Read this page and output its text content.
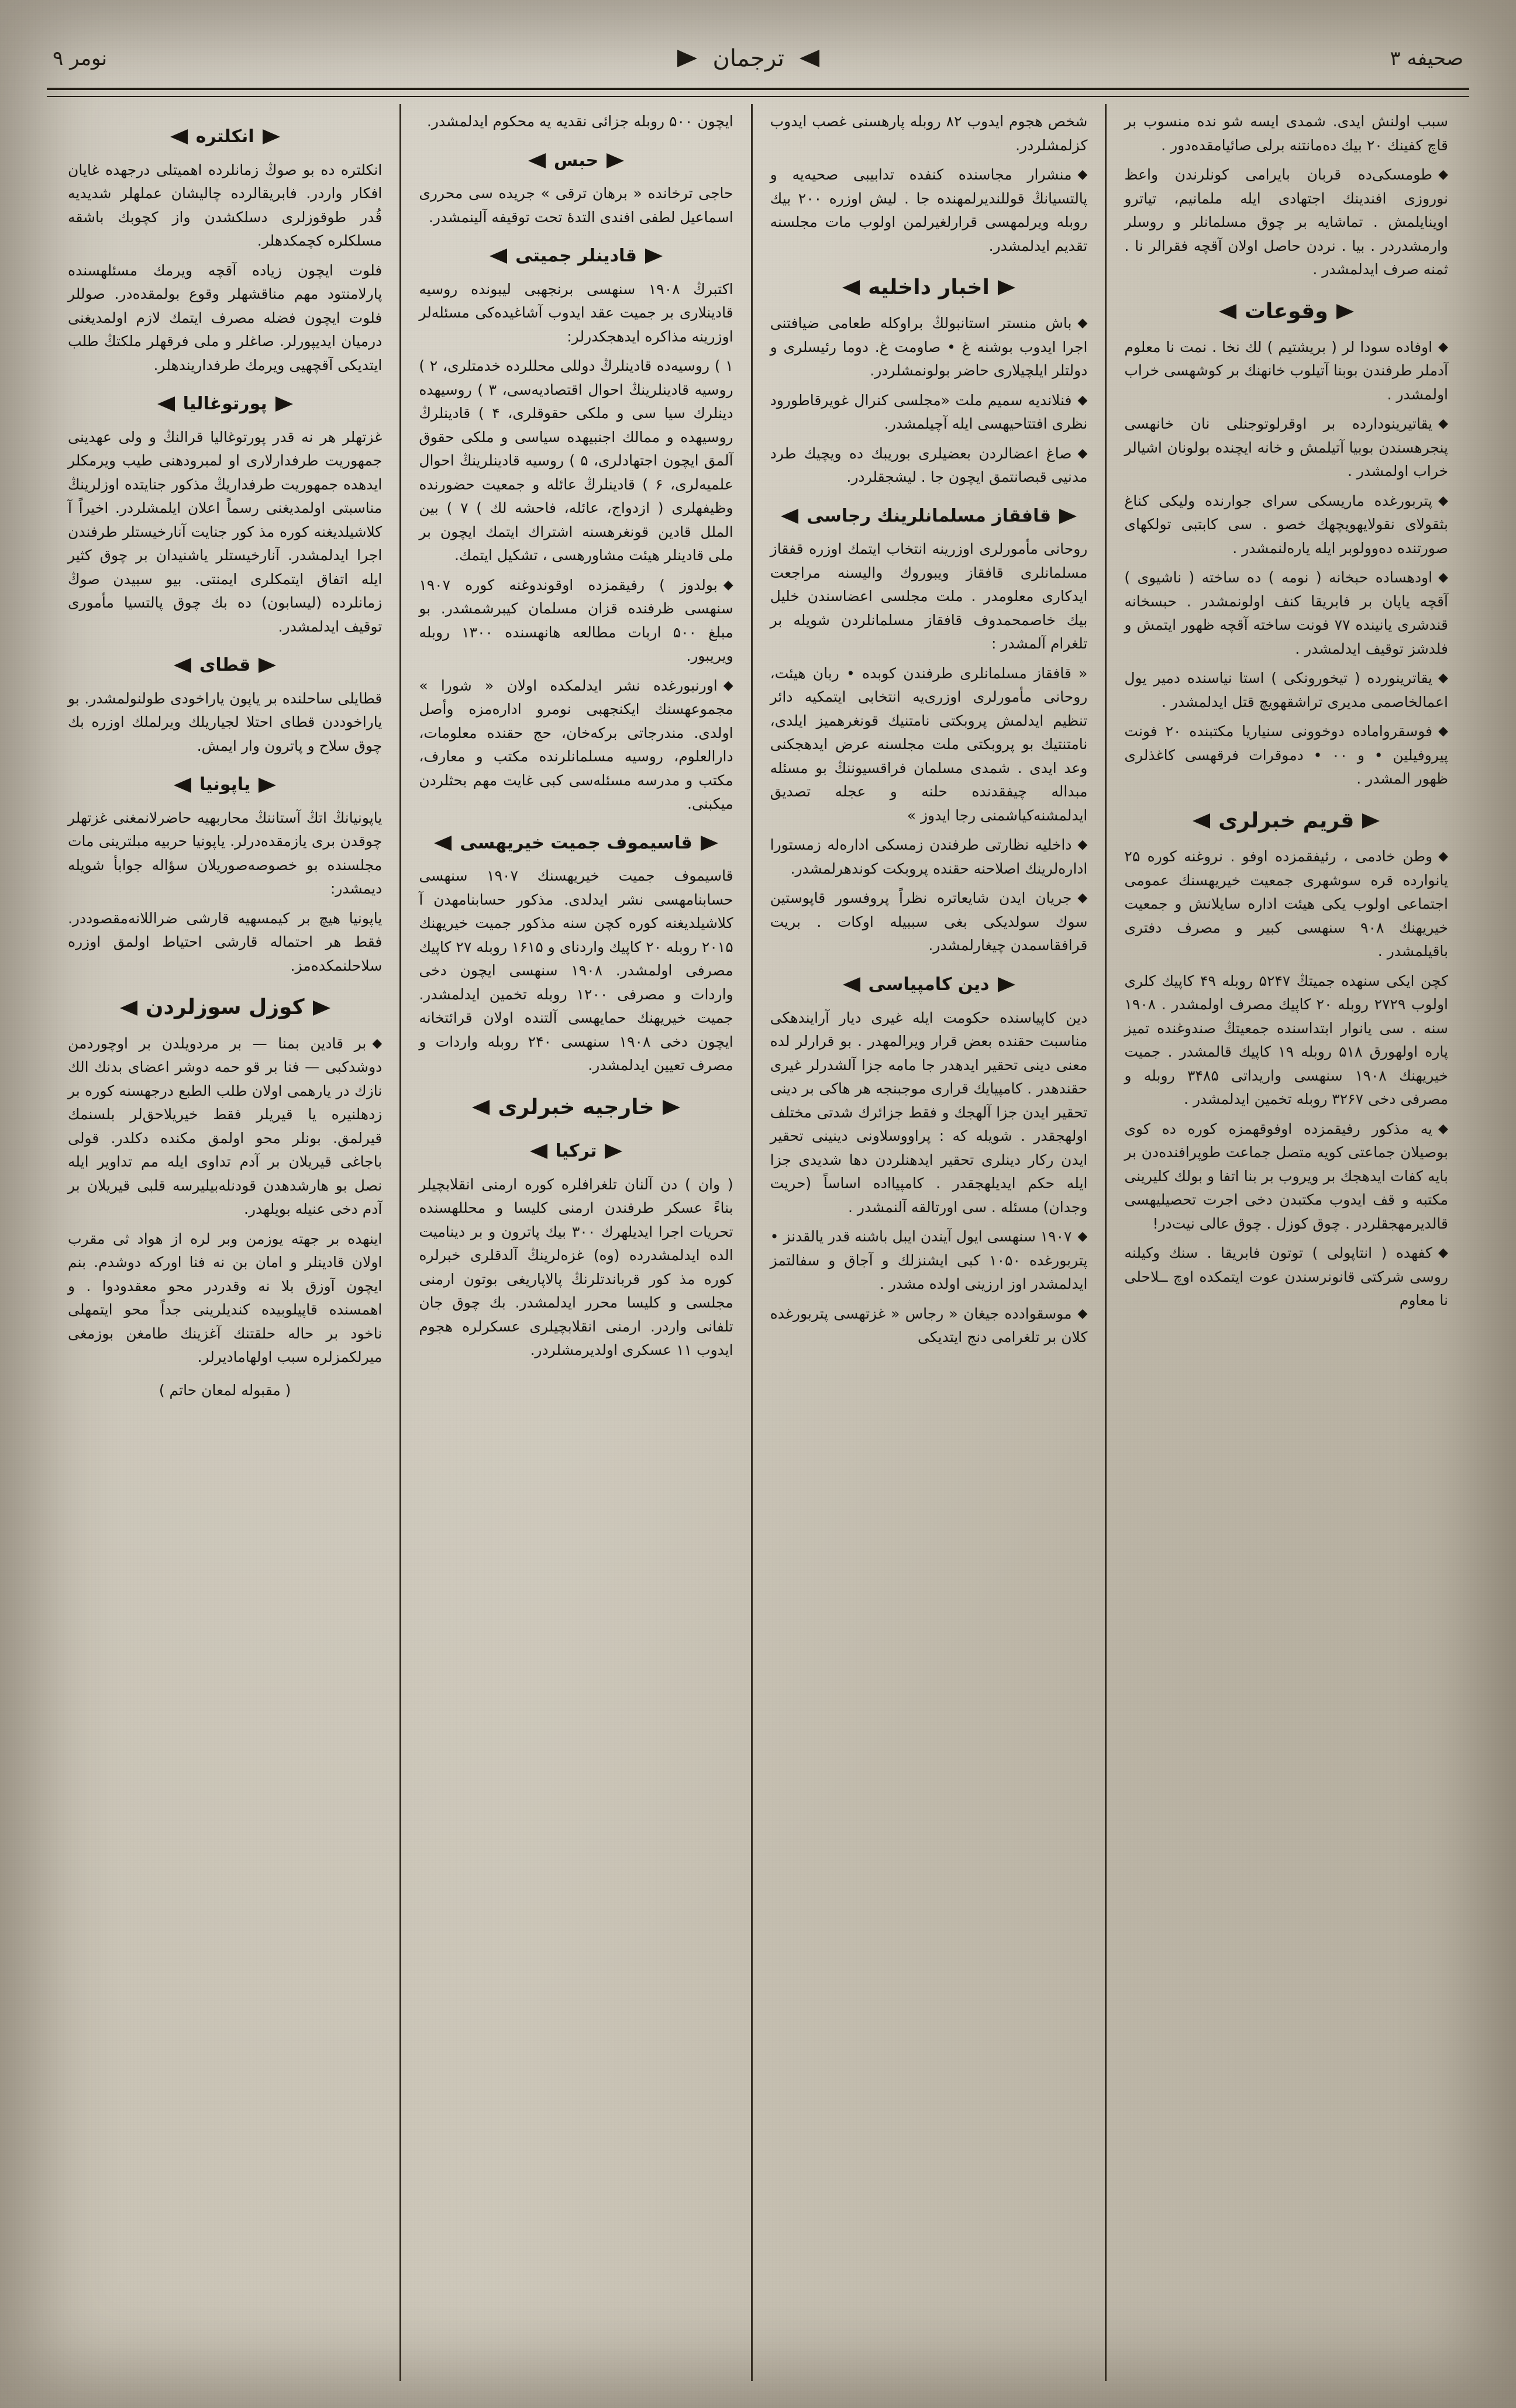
صحیفه ۳
ترجمان
نومر ۹

سبب اولنش ایدی. شمدی ایسه شو نده منسوب بر قاچ كفینك ۲۰ بیك دەمانتنه برلی صائیامقده‌دور .

◆طومسكی‌ده قربان بایرامی كونلرندن واعظ نوروزی افندینك اجتهادی ایله ملمانیم، تیاترو اوینایلمش . تماشایه بر چوق مسلمانلر و روسلر وارمشدردر . بیا . نردن حاصل اولان آقچه فقرالر نا . ثمنه صرف ایدلمشدر .

وقوعات

◆اوفاده سودا لر ( بریشتیم ) لك نخا . نمت نا معلوم آدملر طرفندن بوبنا آتیلوب خانهنك بر كوشهسی خراب اولمشدر .

◆یقاتیرینودارده بر اوقرلوتوجنلی نان خانهسی پنجرهسندن بوبیا آتیلمش و خانه ایچنده بولونان اشیالر خراب اولمشدر .

◆پتربورغده ماریسكی سرای جوارنده ولیكی كناغ بثقولای نقولایهویچهك خصو . سی كابتبی تولكهای صورتنده دەوولوبر ایله یاره‌لنمشدر .

◆اودهسادە حبخانه ( نومه ) ده ساخته ( ناشیوی ) آقچه یاپان بر فابریقا كنف اولونمشدر . حبسخانه قندشری یانینده ۷۷ فونت ساخته آقچه ظهور ایتمش و فلدشز توقیف ایدلمشدر .

◆یقاترینورده ( تیخورونكی ) استا نیاسنده دمیر یول اعمالخاصمی مدیری تراشقهویچ قتل ایدلمشدر .

◆فوسقرواماده دوخوونی سنیاریا مكتبنده ۲۰ فونت پیروفیلین • و ۰۰ • دموقرات فرقهسی كاغذلری ظهور المشدر .

قریم خبرلری

◆وطن خادمی ، رئیفقمزده اوفو . نروغنه كوره ۲۵ یانوارده قره سوشهری جمعیت خیریهسنك عمومی اجتماعی اولوب یكی هیئت اداره سایلانش و جمعیت خیریهنك ۹۰۸ سنهسی كبیر و مصرف دفتری باقیلمشدر .

كچن ایكی سنهده جمیتڭ ۵۲۴۷ روبله ۴۹ كاپیك كلری اولوب ۲۷۲۹ روبله ۲۰ كاپیك مصرف اولمشدر . ۱۹۰۸ سنه . سی یانوار ابتدا‌سنده جمعیتڭ صندوغنده تمیز پاره اولهورق ۵۱۸ روبله ۱۹ كاپیك قالمشدر . جمیت خیریهنك ۱۹۰۸ سنهسی واریداتی ۳۴۸۵ روبله و مصرفی دخی ۳۲۶۷ روبله تخمین ایدلمشدر .

◆یه مذكور رفیقمزده اوفوقهمزه كوره ده كوی بوصیلان جماعتی كویه متصل جماعت طوپرافنده‌دن بر بایه كفات ایدهجك بر ویروب بر بنا اتفا و بولك كلیرینی مكتبه و قف ایدوب مكتبدن دخی اجرت تحصیلیهسی قالدیرمهجقلردر . چوق كوزل . چوق عالی نیت‌در!

◆كفهده ( انتاپولی ) توتون فابریقا . سنك وكیلنه روسی شركتی قانونرسندن عوت ایتمكده اوچ ــلاحلی نا معاوم

شخص هجوم ایدوب ۸۲ روبله پارهسنی غصب ایدوب كزلمشلردر.

◆منشرار مجاسنده كنفده تدابیبی صحیه‌یه و پالتسیانڭ قوللندیرلمهنده جا . لیش اوزره ۲۰۰ بیك روبله ویرلمهسی قرارلغیرلمن اولوب مات مجلسنه تقدیم ایدلمشدر.

اخبار داخلیه

◆باش منستر استانبولڭ براوكله طعامی ضیافتنی اجرا ایدوب بوشنه غ • صاومت غ. دوما رئیسلری و دولتلر ایلچیلاری حاضر بولونمشلردر.

◆فنلاندیه سمیم ملت «مجلسی كنرال غویرقاطورود نظری افتتاحیهسی ایله آچیلمشدر.

◆صاغ اعضالردن بعضیلری بوریبك ده ویچیك طرد مدنیی قبصانتمق ایچون جا . لیشجقلردر.

قافقاز مسلمانلرینك رجاسی

روحانی مأمورلری اوزرینه انتخاب ایتمك اوزره قفقاز مسلمانلری قافقاز ویبوروك والیسنه مراجعت ایدكاری معلومدر . ملت مجلسی اعضاسندن خلیل بیك خاصمحمدوف قافقاز مسلمانلردن شویله بر تلغرام آلمشدر :

« قافقاز مسلمانلری طرفندن كوبده • ربان هیئت، روحانی مأمورلری اوزری‌یه انتخابی ایتمكیه دائر تنظیم ایدلمش پروبكتی نامتنیك قونغرهمیز ایلدی، نامتنتیك بو پروبكتی ملت مجلسنه عرض ایدهجكنی وعد ایدی . شمدی مسلمان فراقسیوننڭ بو مسئله مبداله چیفقدنده حلنه و عجله تصدیق ایدلمشنه‌كیاشمنی رجا ایدوز »

◆داخلیه نظارتی طرفندن زمسكی اداره‌له زمستورا اداره‌لرینك اصلاحنه حقنده پروبكت كوندهرلمشدر.

◆جریان ایدن شایعاتره نظراً پروفسور قاپوستین سوك سولدیكی بغی سببیله اوكات . بریت قرافقاسمدن چیغارلمشدر.

دین كامپیاسی

دین كاپیاسنده حكومت ایله غیری دیار آرایندهكی مناسبت حقنده بعض قرار ویرالمهدر . بو قرارلر لده معنی دینی تحقیر ایدهدر جا مامه جزا آلشدرلر غیری حقندهدر . كامپیایك قراری موجبنجه هر هاكی بر دینی تحقیر ایدن جزا آلهجك و فقط جزائرك شدتی مختلف اولهجقدر . شویله كه : پراووسلاونی دینینی تحقیر ایدن ركار دینلری تحقیر ایدهنلردن دها شدیدی جزا ایله حكم ایدیلهجقدر . كامپیااده اساساً (حریت وجدان) مسئله . سی اورتالقه آلنمشدر .

◆۱۹۰۷ سنهسی ایول آیندن ایبل باشنه قدر یالقدنز • پتربورغده ۱۰۵۰ كبی ایشنزلك و آجاق و سفالتمز ایدلمشدر اوز ارزینی اولده مشدر .

◆موسقوادده جیغان « رجاس « غزتهسی پتربورغده كلان بر تلغرامی دنج ایتدیكی

ایچون ۵۰۰ روبله جزائی نقدیه یه محكوم ایدلمشدر.

حبس

حاجی ترخانده « برهان ترقی » جریده سی محرری اسماعیل لطفی افندی التدهٔ تحت توقیفه آلینمشدر.

قادینلر جمیتی

اكتبرڭ ۱۹۰۸ سنهسی برنجهبی لیبونده روسیه قادینلاری بر جمیت عقد ایدوب آشاغیده‌كی مسئله‌لر اوزرینه مذاكره ایدهجكدرلر:

۱ ) روسیه‌ده قادینلرڭ دوللی محللرده خدمتلری، ۲ ) روسیه قادینلرینڭ احوال اقتصادیه‌سی، ۳ ) روسیهده دینلرك سیا سی و ملكی حقوقلری، ۴ ) قادینلرڭ روسیهده و ممالك اجنبیهده سیاسی و ملكی حقوق آلمق ایچون اجتهادلری، ۵ ) روسیه قادینلرینڭ احوال علمیه‌لری، ۶ ) قادینلرڭ عائله و جمعیت حضورنده وظیفهلری ( ازدواج، عائله، فاحشه لك ) ۷ ) بین الملل قادین قونغرهسنه اشتراك ایتمك ایچون بر ملی قادینلر هیئت مشاورهسی ، تشكیل ایتمك.

◆بولدوز ) رفیقمزده اوقوندوغنه كوره ۱۹۰۷ سنهسی ظرفنده قزان مسلمان كیبرشمشدر. بو مبلغ ۵۰۰ اربات مطالعه هانهسنده ۱۳۰۰ روبله ویریبور.

◆اورنبورغده نشر ایدلمكده اولان « شورا » مجموعهسنك ایكنجهبی نومرو اداره‌مزه وأصل اولدی. مندرجاتی بركه‌خان، حج حقنده معلومات، دارالعلوم، روسیه مسلمانلرنده مكتب و معارف، مكتب و مدرسه مسئله‌سی كبی غایت مهم بحثلردن میكبنی.

قاسیموف جمیت خیریهسی

قاسیموف جمیت خیریهسنك ۱۹۰۷ سنهسی حسابنامهسی نشر ایدلدی. مذكور حسابنامهدن آ كلاشیلدیغنه كوره كچن سنه مذكور جمیت خیریهنك ۲۰۱۵ روبله ۲۰ كاپیك واردنای و ۱۶۱۵ روبله ۲۷ كاپیك مصرفی اولمشدر. ۱۹۰۸ سنهسی ایچون دخی واردات و مصرفی ۱۲۰۰ روبله تخمین ایدلمشدر. جمیت خیریهنك حمایهسی آلتنده اولان قرائتخانه ایچون دخی ۱۹۰۸ سنهسی ۲۴۰ روبله واردات و مصرف تعیین ایدلمشدر.

خارجیه خبرلری
تركیا

( وان ) دن آلنان تلغرافلره كوره ارمنی انقلابچیلر بناءً عسكر طرفندن ارمنی كلیسا و محللهسنده تحریات اجرا ایدیلهرك ۳۰۰ بیك پاترون و بر دینامیت الده ایدلمشدرده (وه) غزه‌لرینڭ آلدقلری خبرلره كوره مذ كور قرباندتلرنڭ پالاپاریغی بوتون ارمنی مجلسی و كلیسا محرر ایدلمشدر. بك چوق جان تلفانی واردر. ارمنی انقلابچیلری عسكرلره هجوم ایدوب ۱۱ عسكری اولدیرمشلردر.

انكلتره

انكلتره ده بو صوڭ زمانلرده اهمیتلی درجهده غایان افكار واردر. فابریقالرده چالیشان عملهلر شدیدیه قُدر طوقوزلری دسلكشدن واز كچوبك باشقه مسلكلره كچمكدهلر.

فلوت ایچون زیاده آقچه ویرمك مسئلهسنده پارلامنتود مهم مناقشهلر وقوع بولمقده‌در. صوللر فلوت ایچون فضله مصرف ایتمك لازم اولمدیغنی درمیان ایدیپورلر. صاغلر و ملی فرقهلر ملكتڭ طلب ایتدیكی آقچهیی ویرمك طرفداریندهلر.

پورتوغالیا

غزتهلر هر نه قدر پورتوغالیا قرالنڭ و ولی عهدینی جمهوریت طرفدارلاری او لمبرودهنی طیب ویرمكلر ایدهده جمهوریت طرفداریڭ مذكور جنایتده اوزلرینڭ مناسبتی اولمدیغنی رسماً اعلان ایلمشلردر. اخیراً آ كلاشیلدیغنه كوره مذ كور جنایت آنارخیستلر طرفندن اجرا ایدلمشدر. آنارخیستلر یاشنیدان بر چوق كثیر ایله اتفاق ایتمكلری ایمنتی. بیو سبیدن صوڭ زمانلرده (لیسابون) ده بك چوق پالتسیا مأموری توقیف ایدلمشدر.

قطای

قطایلی ساحلنده بر یاپون یاراخودی طولنولمشدر. بو یاراخوددن قطای احتلا لجیاریلك ویرلملك اوزره بك چوق سلاح و پاترون وار ایمش.

یاپونیا

یاپونیانڭ اتڭ آستاننڭ محاربهیه حاضرلانمغنی غزتهلر چوقدن بری یازمقده‌درلر. یاپونیا حربیه مبلترینی مات مجلسنده بو خصوصه‌صوریلان سؤاله جوابأ شویله دیمشدر:

یاپونیا هیچ بر كیمسهیه قارشی ضراللانه‌مقصوددر. فقط هر احتماله قارشی احتیاط اولمق اوزره سلاحلنمكده‌مز.

كوزل سوزلردن

◆بر قادین بمنا — بر مردویلدن بر اوچوردمن دوشدكبی — فنا بر قو حمه دوشر اعضای بدنك الك نازك در یارهمی اولان طلب الطبع درجهسنه كوره بر زدهلنیره یا قیریلر فقط خیریلاحق‌لر بلسنمك قیرلمق. بونلر محو اولمق مكنده دكلدر. قولی باجاغی قیریلان بر آدم تداوی ایله مم تداویر ایله نصل بو هارشدهدن قودنله‌بیلیرسه قلبی قیریلان بر آدم دخی عنیله بویلهدر.

اینهده بر جهته یوزمن وبر لره از هواد ثی مقرب اولان قادینلر و امان بن نه فنا اوركه دوشدم. بنم ایچون آوزق بلا نه وقدردر محو معقدودوا . و اهمسنده قاپیلوبیده كندیلرینی جداً محو ایتمهلی ناخود بر حاله حلقتنك آغزینك طامغن بوزمغی میرلكمزلره سبب اولهامادیرلر.

( مقبوله لمعان حاتم )
